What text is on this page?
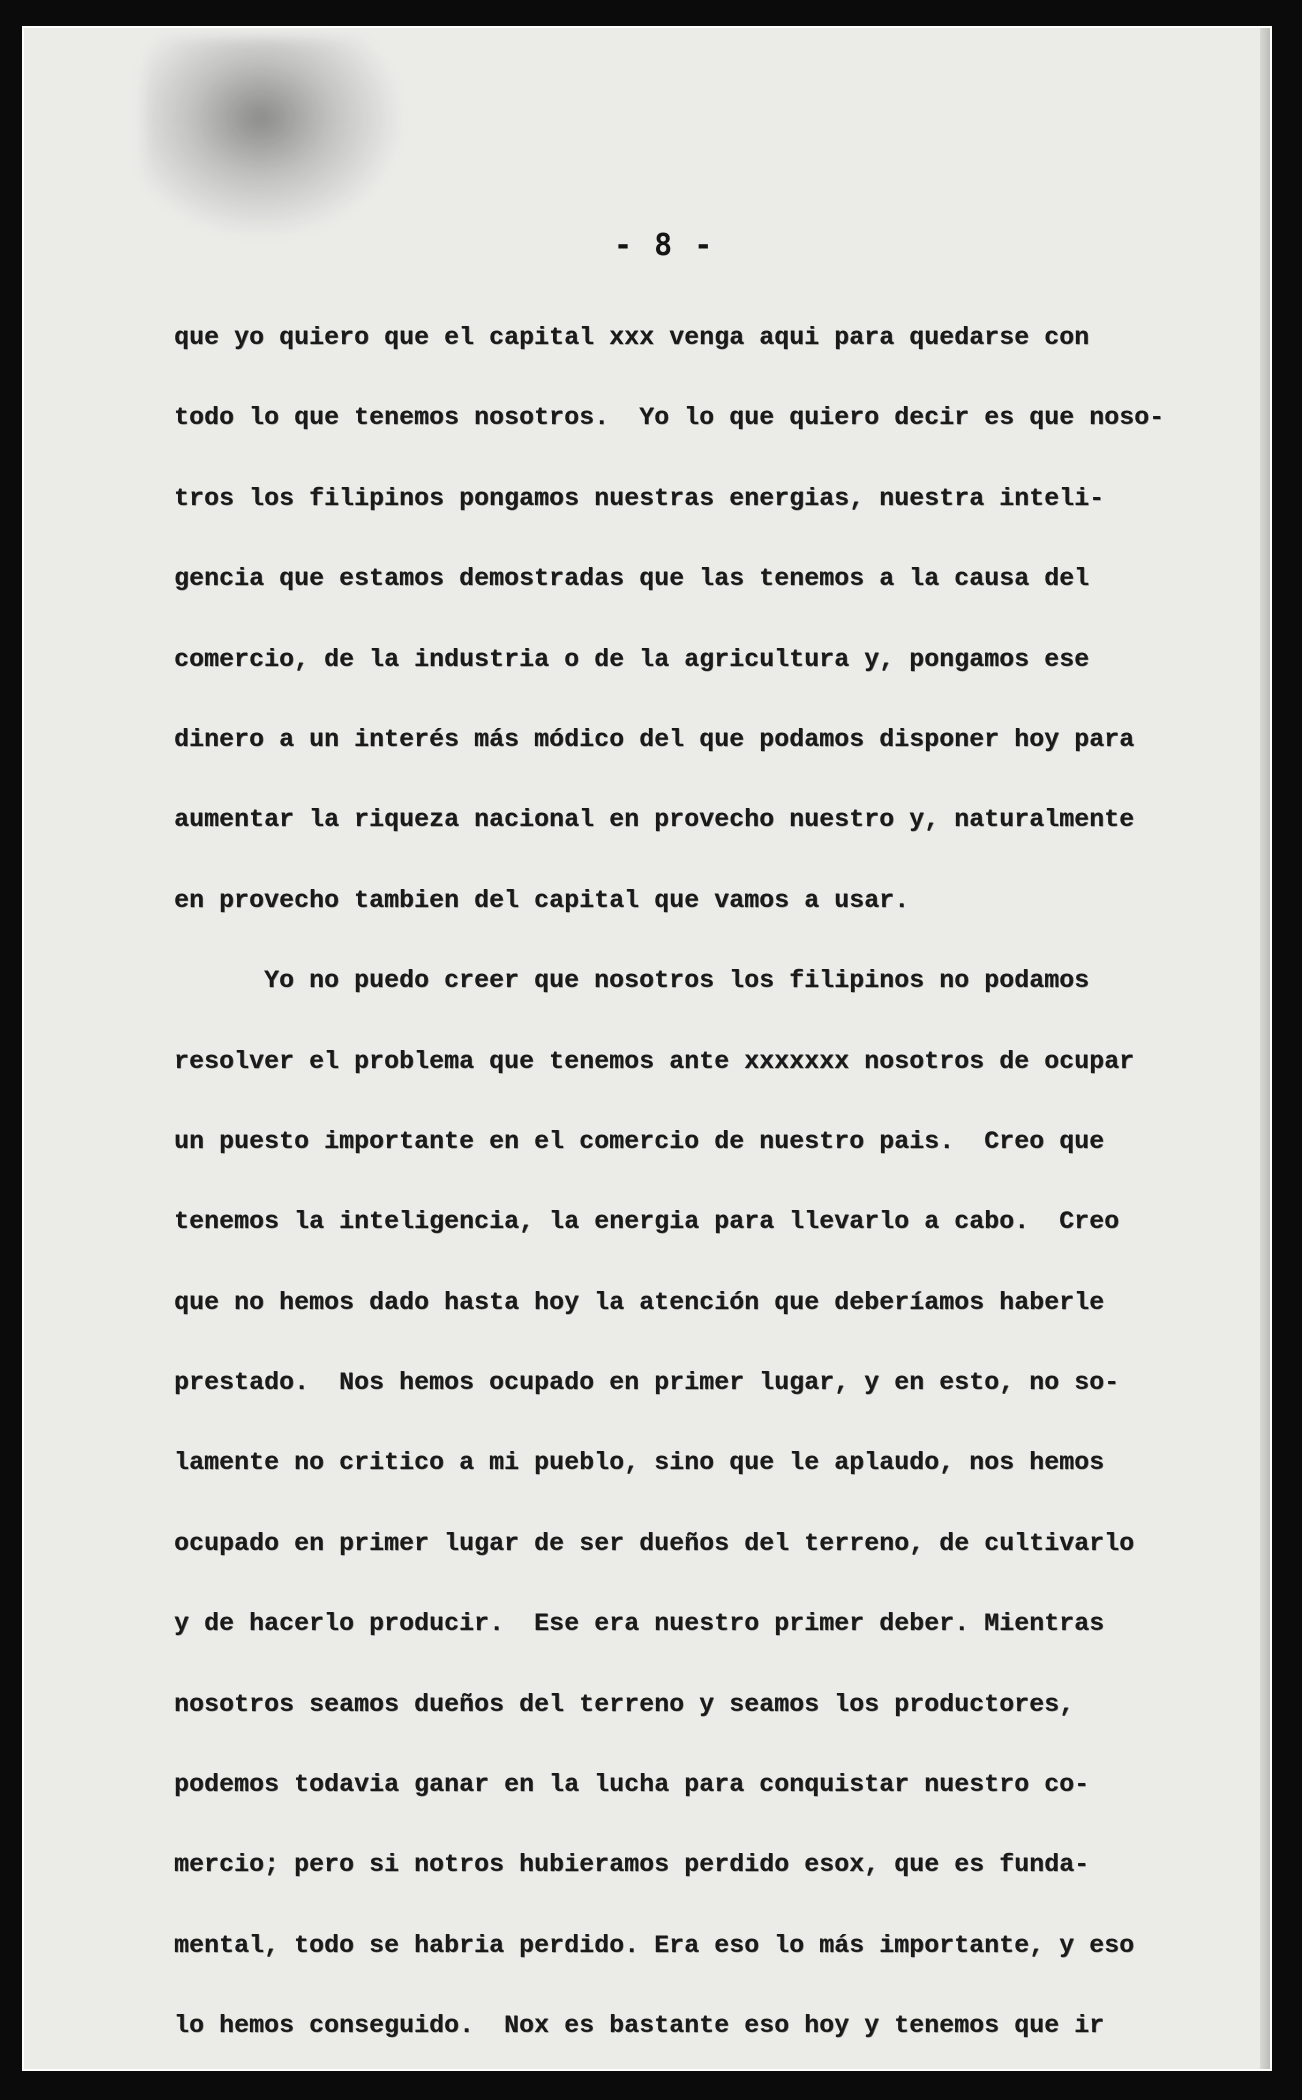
- 8 -
que yo quiero que el capital xxx venga aqui para quedarse con
todo lo que tenemos nosotros.  Yo lo que quiero decir es que noso-
tros los filipinos pongamos nuestras energias, nuestra inteli-
gencia que estamos demostradas que las tenemos a la causa del
comercio, de la industria o de la agricultura y, pongamos ese
dinero a un interés más módico del que podamos disponer hoy para
aumentar la riqueza nacional en provecho nuestro y, naturalmente
en provecho tambien del capital que vamos a usar.
Yo no puedo creer que nosotros los filipinos no podamos
resolver el problema que tenemos ante xxxxxxx nosotros de ocupar
un puesto importante en el comercio de nuestro pais.  Creo que
tenemos la inteligencia, la energia para llevarlo a cabo.  Creo
que no hemos dado hasta hoy la atención que deberíamos haberle
prestado.  Nos hemos ocupado en primer lugar, y en esto, no so-
lamente no critico a mi pueblo, sino que le aplaudo, nos hemos
ocupado en primer lugar de ser dueños del terreno, de cultivarlo
y de hacerlo producir.  Ese era nuestro primer deber. Mientras
nosotros seamos dueños del terreno y seamos los productores,
podemos todavia ganar en la lucha para conquistar nuestro co-
mercio; pero si notros hubieramos perdido esox, que es funda-
mental, todo se habria perdido. Era eso lo más importante, y eso
lo hemos conseguido.  Nox es bastante eso hoy y tenemos que ir
